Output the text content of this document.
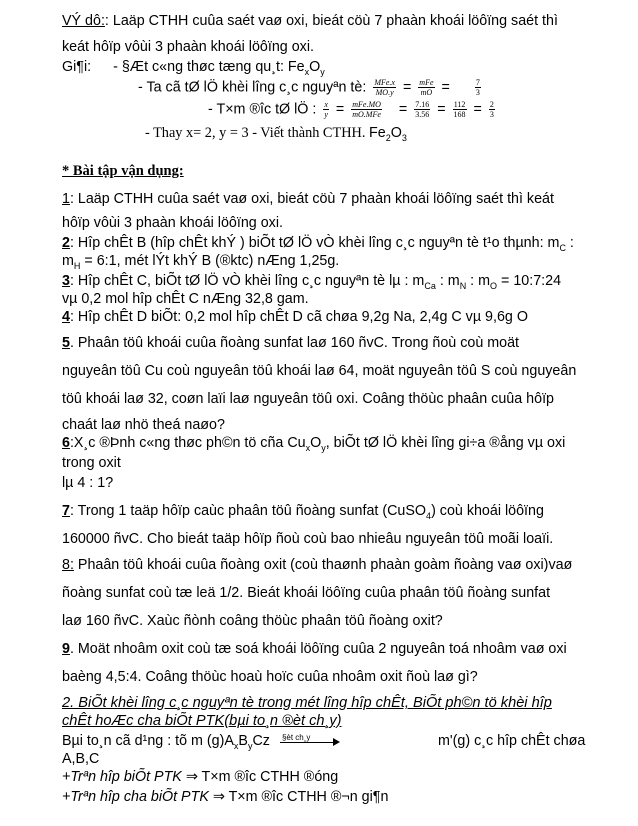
VÝ dô:: Laäp CTHH cuûa saét vaø oxi, bieát cöù 7 phaàn khoái löôïng saét thì
keát hôïp vôùi 3 phaàn khoái löôïng oxi.
Gi¶i: - §Æt c«ng thøc tæng qu¸t: $Fe_xO_y$
- Ta cã tØ lÖ khèi lîng c¸c nguyªn tè: $\frac{\text{MFe.x}}{MO.y} = \frac{\text{mFe}}{mO}$ =	$\frac{7}{3}$
- T×m ®îc tØ lÖ : $\frac{x}{y} = \frac{\text{mFe.MO}}{\text{mO.MFe}} = \frac{7.16}{3.56} = \frac{112}{168} = \frac{2}{3}$
- Thay x= 2, y = 3 - Viết thành CTHH. $Fe_2O_3$
* Bài tập vận dụng:
1: Laäp CTHH cuûa saét vaø oxi, bieát cöù 7 phaàn khoái löôïng saét thì keát
hôïp vôùi 3 phaàn khoái löôïng oxi.
2: Hîp chÊt B (hîp chÊt khÝ ) biÕt tØ lÖ vÒ khèi lîng c¸c nguyªn tè t¹o thµnh: $m_C$ :
$m_H$ = 6:1, mét lÝt khÝ B (®ktc) nÆng 1,25g.
3: Hîp chÊt C, biÕt tØ lÖ vÒ khèi lîng c¸c nguyªn tè lµ : $m_{Ca}$ : $m_N$ : $m_O$ = 10:7:24
vµ 0,2 mol hîp chÊt C nÆng 32,8 gam.
4: Hîp chÊt D biÕt: 0,2 mol hîp chÊt D cã chøa 9,2g Na, 2,4g C vµ 9,6g O
5. Phaân töû khoái cuûa ñoàng sunfat laø 160 ñvC. Trong ñoù coù moät
nguyeân töû Cu coù nguyeân töû khoái laø 64, moät nguyeân töû S coù nguyeân
töû khoái laø 32, coøn laïi laø nguyeân töû oxi. Coâng thöùc phaân cuûa hôïp
chaát laø nhö theá naøo?
6:X¸c ®Þnh c«ng thøc ph©n tö cña $Cu_xO_y$, biÕt tØ lÖ khèi lîng gi÷a ®ång vµ oxi
trong oxit
lµ 4 : 1?
7: Trong 1 taäp hôïp caùc phaân töû ñoàng sunfat (CuSO$_4$) coù khoái löôïng
160000 ñvC. Cho bieát taäp hôïp ñoù coù bao nhieâu nguyeân töû moãi loaïi.
8: Phaân töû khoái cuûa ñoàng oxit (coù thaønh phaàn goàm ñoàng vaø oxi)vaø
ñoàng sunfat coù tæ leä 1/2. Bieát khoái löôïng cuûa phaân töû ñoàng sunfat
laø 160 ñvC. Xaùc ñònh coâng thöùc phaân töû ñoàng oxit?
9. Moät nhoâm oxit coù tæ soá khoái löôïng cuûa 2 nguyeân toá nhoâm vaø oxi
baèng 4,5:4. Coâng thöùc hoaù hoïc cuûa nhoâm oxit ñoù laø gì?
2. BiÕt khèi lîng c¸c nguyªn tè trong mét lîng hîp chÊt, BiÕt ph©n tö khèi hîp
chÊt hoÆc cha biÕt PTK(bµi to¸n ®èt ch¸y)
Bµi to¸n cã d¹ng : tõ m $(g)A_xB_yCz$ §èt ch¸y	m'(g) c¸c hîp chÊt chøa
A,B,C
+Trªn hîp biÕt PTK ⇒ T×m ®îc CTHH ®óng
+Trªn hîp cha biÕt PTK ⇒ T×m ®îc CTHH ®¬n gi¶n
